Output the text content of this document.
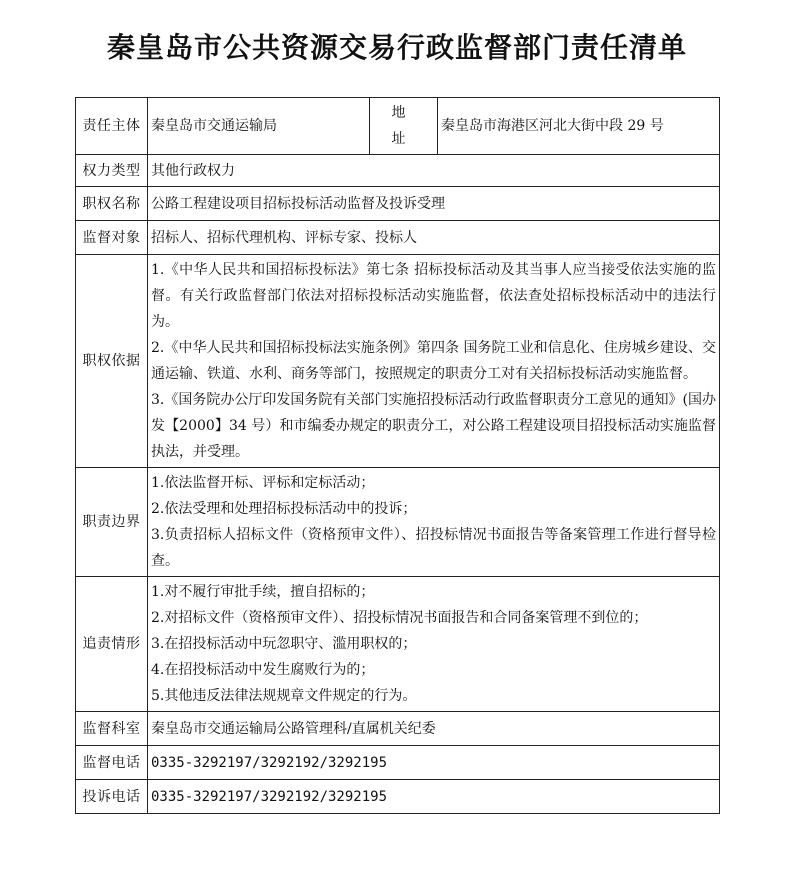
秦皇岛市公共资源交易行政监督部门责任清单
责任主体	秦皇岛市交通运输局	地 址	秦皇岛市海港区河北大街中段 29 号
权力类型	其他行政权力		
职权名称	公路工程建设项目招标投标活动监督及投诉受理		
监督对象	招标人、招标代理机构、评标专家、投标人		
职权依据	1.《中华人民共和国招标投标法》第七条 招标投标活动及其当事人应当接受依法实施的监督。有关行政监督部门依法对招标投标活动实施监督，依法查处招标投标活动中的违法行为。

2.《中华人民共和国招标投标法实施条例》第四条 国务院工业和信息化、住房城乡建设、交通运输、铁道、水利、商务等部门，按照规定的职责分工对有关招标投标活动实施监督。

3.《国务院办公厅印发国务院有关部门实施招投标活动行政监督职责分工意见的通知》(国办发【2000】34 号）和市编委办规定的职责分工，对公路工程建设项目招投标活动实施监督执法，并受理。		

职责边界	1.依法监督开标、评标和定标活动；

2.依法受理和处理招标投标活动中的投诉；

3.负责招标人招标文件（资格预审文件）、招投标情况书面报告等备案管理工作进行督导检查。		

追责情形	1.对不履行审批手续，擅自招标的；

2.对招标文件（资格预审文件）、招投标情况书面报告和合同备案管理不到位的；

3.在招投标活动中玩忽职守、滥用职权的；

4.在招投标活动中发生腐败行为的；

5.其他违反法律法规规章文件规定的行为。		

监督科室	秦皇岛市交通运输局公路管理科/直属机关纪委		
监督电话	0335-3292197/3292192/3292195		
投诉电话	0335-3292197/3292192/3292195		
